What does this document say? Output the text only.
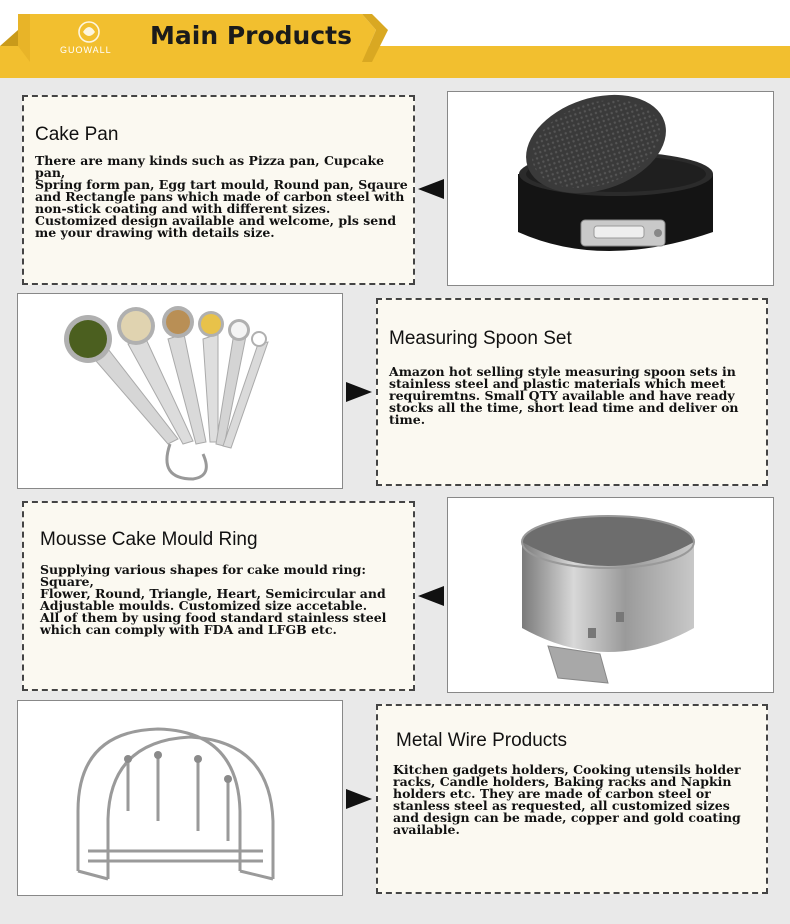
GUOWALL Main Products
Cake Pan

There are many kinds such as Pizza pan, Cupcake pan,
Spring form pan, Egg tart mould, Round pan, Sqaure
and Rectangle pans which made of carbon steel with
non-stick coating and with different sizes.
Customized design available and welcome, pls send
me your drawing with details size.

Measuring Spoon Set

Amazon hot selling style measuring spoon sets in
stainless steel and plastic materials which meet
requiremtns. Small QTY available and have ready
stocks all the time, short lead time and deliver on time.

Mousse Cake Mould Ring

Supplying various shapes for cake mould ring: Square,
Flower, Round, Triangle, Heart, Semicircular and
Adjustable moulds. Customized size accetable.
All of them by using food standard stainless steel
which can comply with FDA and LFGB etc.

Metal Wire Products

Kitchen gadgets holders, Cooking utensils holder
racks, Candle holders, Baking racks and Napkin
holders etc. They are made of carbon steel or
stanless steel as requested, all customized sizes
and design can be made, copper and gold coating
available.
